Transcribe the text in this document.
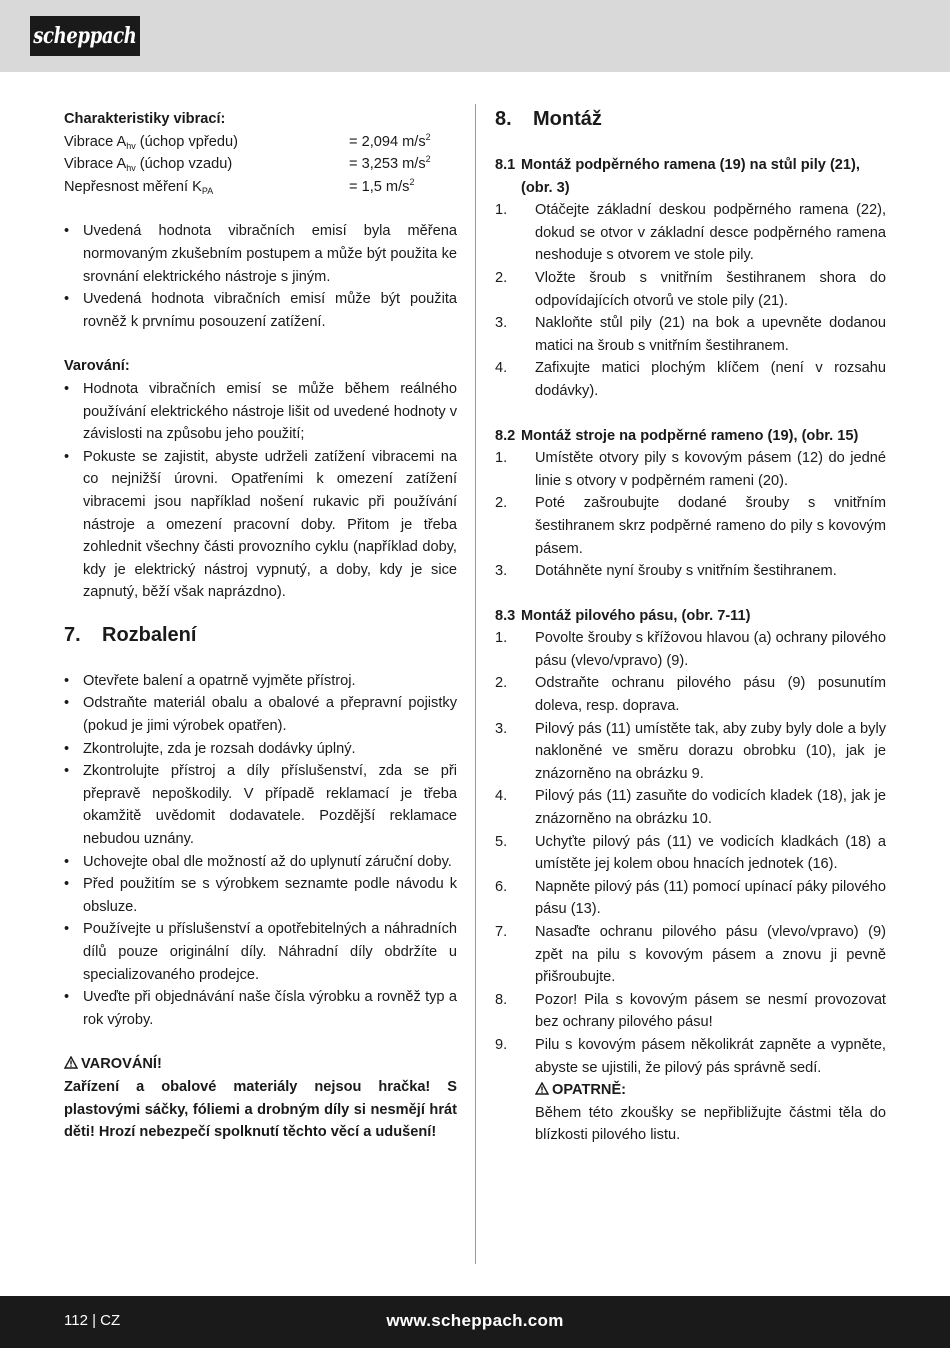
scheppach
Charakteristiky vibrací:
Vibrace $A_{hv}$ (úchop vpředu)	= 2,094 $m/s^2$
Vibrace $A_{hv}$ (úchop vzadu)	= 3,253 $m/s^2$
Nepřesnost měření $K_{PA}$	= 1,5 $m/s^2$
• Uvedená hodnota vibračních emisí byla měřena normovaným zkušebním postupem a může být použita ke srovnání elektrického nástroje s jiným.
• Uvedená hodnota vibračních emisí může být použita rovněž k prvnímu posouzení zatížení.
Varování:
• Hodnota vibračních emisí se může během reálného používání elektrického nástroje lišit od uvedené hodnoty v závislosti na způsobu jeho použití;
• Pokuste se zajistit, abyste udrželi zatížení vibracemi na co nejnižší úrovni. Opatřeními k omezení zatížení vibracemi jsou například nošení rukavic při používání nástroje a omezení pracovní doby. Přitom je třeba zohlednit všechny části provozního cyklu (například doby, kdy je elektrický nástroj vypnutý, a doby, kdy je sice zapnutý, běží však naprázdno).
7.	Rozbalení
• Otevřete balení a opatrně vyjměte přístroj.
• Odstraňte materiál obalu a obalové a přepravní pojistky (pokud je jimi výrobek opatřen).
• Zkontrolujte, zda je rozsah dodávky úplný.
• Zkontrolujte přístroj a díly příslušenství, zda se při přepravě nepoškodily. V případě reklamací je třeba okamžitě uvědomit dodavatele. Pozdější reklamace nebudou uznány.
• Uchovejte obal dle možností až do uplynutí záruční doby.
• Před použitím se s výrobkem seznamte podle návodu k obsluze.
• Používejte u příslušenství a opotřebitelných a náhradních dílů pouze originální díly. Náhradní díly obdržíte u specializovaného prodejce.
• Uveďte při objednávání naše čísla výrobku a rovněž typ a rok výroby.
VAROVÁNÍ!
Zařízení a obalové materiály nejsou hračka! S plastovými sáčky, fóliemi a drobným díly si nesmějí hrát děti! Hrozí nebezpečí spolknutí těchto věcí a udušení!
8.	Montáž
8.1 Montáž podpěrného ramena (19) na stůl pily (21), (obr. 3)
1. Otáčejte základní deskou podpěrného ramena (22), dokud se otvor v základní desce podpěrného ramena neshoduje s otvorem ve stole pily.
2. Vložte šroub s vnitřním šestihranem shora do odpovídajících otvorů ve stole pily (21).
3. Nakloňte stůl pily (21) na bok a upevněte dodanou matici na šroub s vnitřním šestihranem.
4. Zafixujte matici plochým klíčem (není v rozsahu dodávky).
8.2 Montáž stroje na podpěrné rameno (19), (obr. 15)
1. Umístěte otvory pily s kovovým pásem (12) do jedné linie s otvory v podpěrném rameni (20).
2. Poté zašroubujte dodané šrouby s vnitřním šestihranem skrz podpěrné rameno do pily s kovovým pásem.
3. Dotáhněte nyní šrouby s vnitřním šestihranem.
8.3 Montáž pilového pásu, (obr. 7-11)
1. Povolte šrouby s křížovou hlavou (a) ochrany pilového pásu (vlevo/vpravo) (9).
2. Odstraňte ochranu pilového pásu (9) posunutím doleva, resp. doprava.
3. Pilový pás (11) umístěte tak, aby zuby byly dole a byly nakloněné ve směru dorazu obrobku (10), jak je znázorněno na obrázku 9.
4. Pilový pás (11) zasuňte do vodicích kladek (18), jak je znázorněno na obrázku 10.
5. Uchyťte pilový pás (11) ve vodicích kladkách (18) a umístěte jej kolem obou hnacích jednotek (16).
6. Napněte pilový pás (11) pomocí upínací páky pilového pásu (13).
7. Nasaďte ochranu pilového pásu (vlevo/vpravo) (9) zpět na pilu s kovovým pásem a znovu ji pevně přišroubujte.
8. Pozor! Pila s kovovým pásem se nesmí provozovat bez ochrany pilového pásu!
9. Pilu s kovovým pásem několikrát zapněte a vypněte, abyste se ujistili, že pilový pás správně sedí.
OPATRNĚ:
Během této zkoušky se nepřibližujte částmi těla do blízkosti pilového listu.
112 | CZ	www.scheppach.com
